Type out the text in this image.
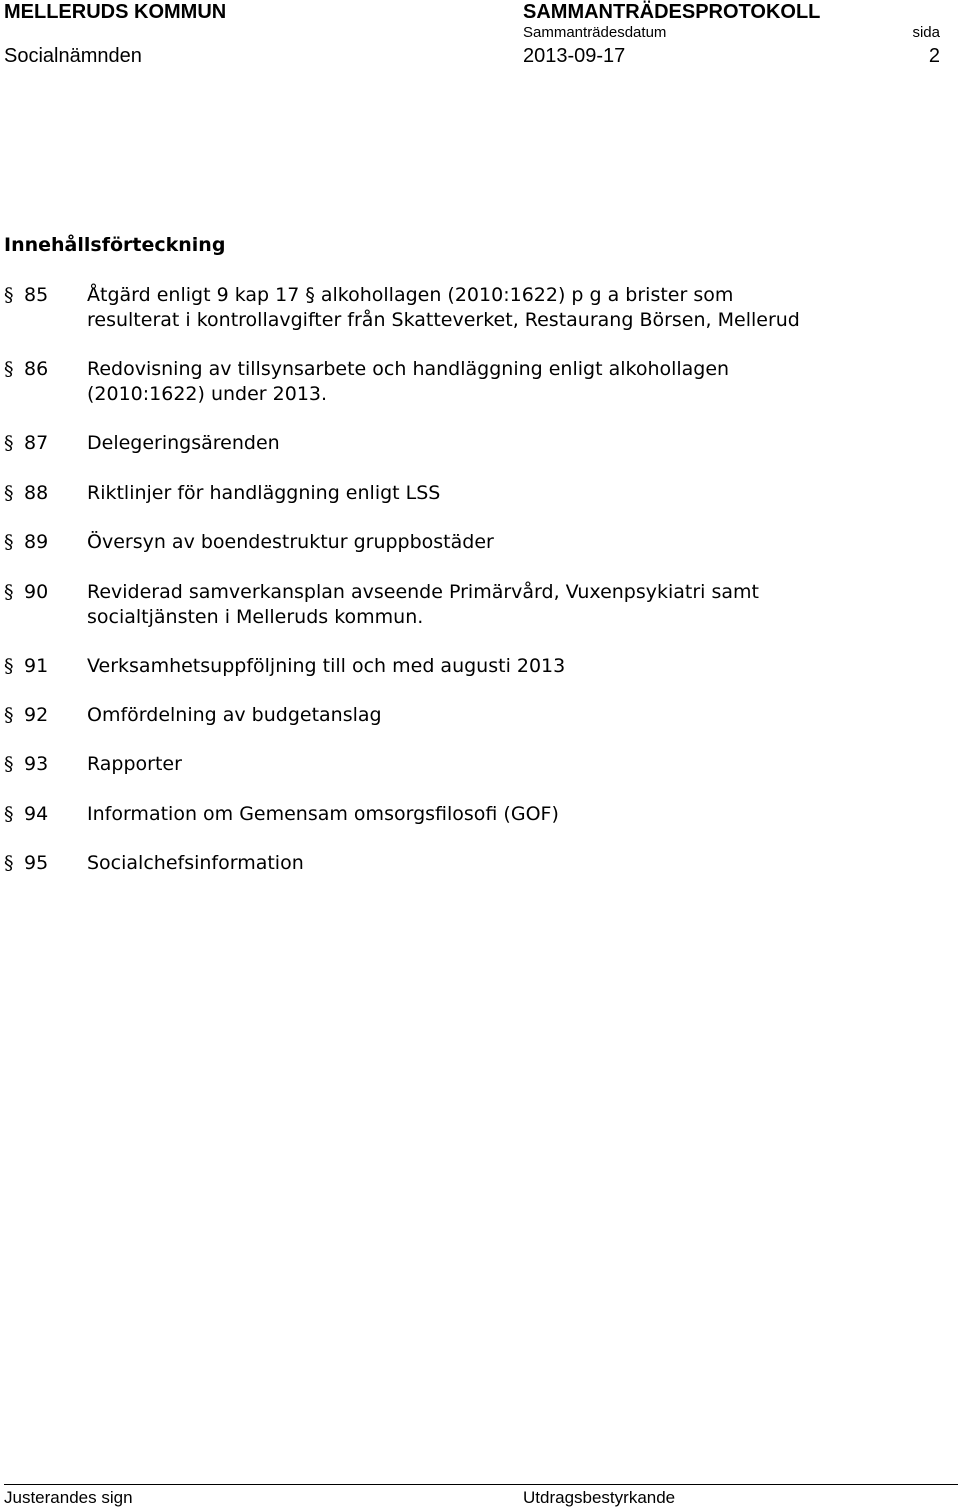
MELLERUDS KOMMUN
Socialnämnden
SAMMANTRÄDESPROTOKOLL
Sammanträdesdatum
2013-09-17
sida
2
Innehållsförteckning
§ 85 Åtgärd enligt 9 kap 17 § alkohollagen (2010:1622) p g a brister som resulterat i kontrollavgifter från Skatteverket, Restaurang Börsen, Mellerud
§ 86 Redovisning av tillsynsarbete och handläggning enligt alkohollagen (2010:1622) under 2013.
§ 87 Delegeringsärenden
§ 88 Riktlinjer för handläggning enligt LSS
§ 89 Översyn av boendestruktur gruppbostäder
§ 90 Reviderad samverkansplan avseende Primärvård, Vuxenpsykiatri samt socialtjänsten i Melleruds kommun.
§ 91 Verksamhetsuppföljning till och med augusti 2013
§ 92 Omfördelning av budgetanslag
§ 93 Rapporter
§ 94 Information om Gemensam omsorgsfilosofi (GOF)
§ 95 Socialchefsinformation
Justerandes sign	Utdragsbestyrkande
